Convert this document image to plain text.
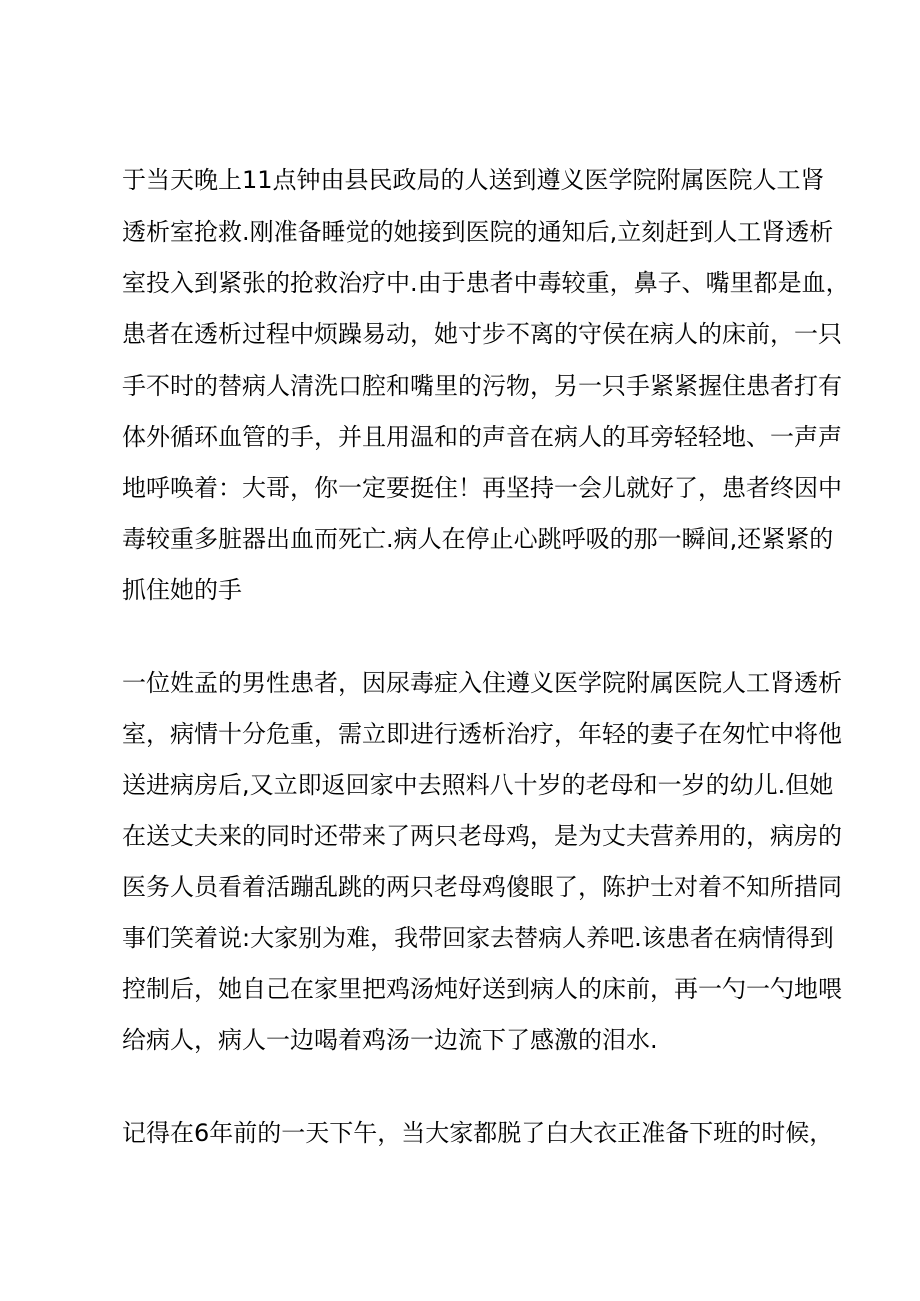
于当天晚上11点钟由县民政局的人送到遵义医学院附属医院人工肾
透析室抢救.刚准备睡觉的她接到医院的通知后,立刻赶到人工肾透析
室投入到紧张的抢救治疗中.由于患者中毒较重，鼻子、嘴里都是血，
患者在透析过程中烦躁易动，她寸步不离的守侯在病人的床前，一只
手不时的替病人清洗口腔和嘴里的污物，另一只手紧紧握住患者打有
体外循环血管的手，并且用温和的声音在病人的耳旁轻轻地、一声声
地呼唤着：大哥，你一定要挺住！再坚持一会儿就好了，患者终因中
毒较重多脏器出血而死亡.病人在停止心跳呼吸的那一瞬间,还紧紧的
抓住她的手
一位姓孟的男性患者，因尿毒症入住遵义医学院附属医院人工肾透析
室，病情十分危重，需立即进行透析治疗，年轻的妻子在匆忙中将他
送进病房后,又立即返回家中去照料八十岁的老母和一岁的幼儿.但她
在送丈夫来的同时还带来了两只老母鸡，是为丈夫营养用的，病房的
医务人员看着活蹦乱跳的两只老母鸡傻眼了，陈护士对着不知所措同
事们笑着说:大家别为难，我带回家去替病人养吧.该患者在病情得到
控制后，她自己在家里把鸡汤炖好送到病人的床前，再一勺一勺地喂
给病人，病人一边喝着鸡汤一边流下了感激的泪水.
记得在6年前的一天下午，当大家都脱了白大衣正准备下班的时候，
